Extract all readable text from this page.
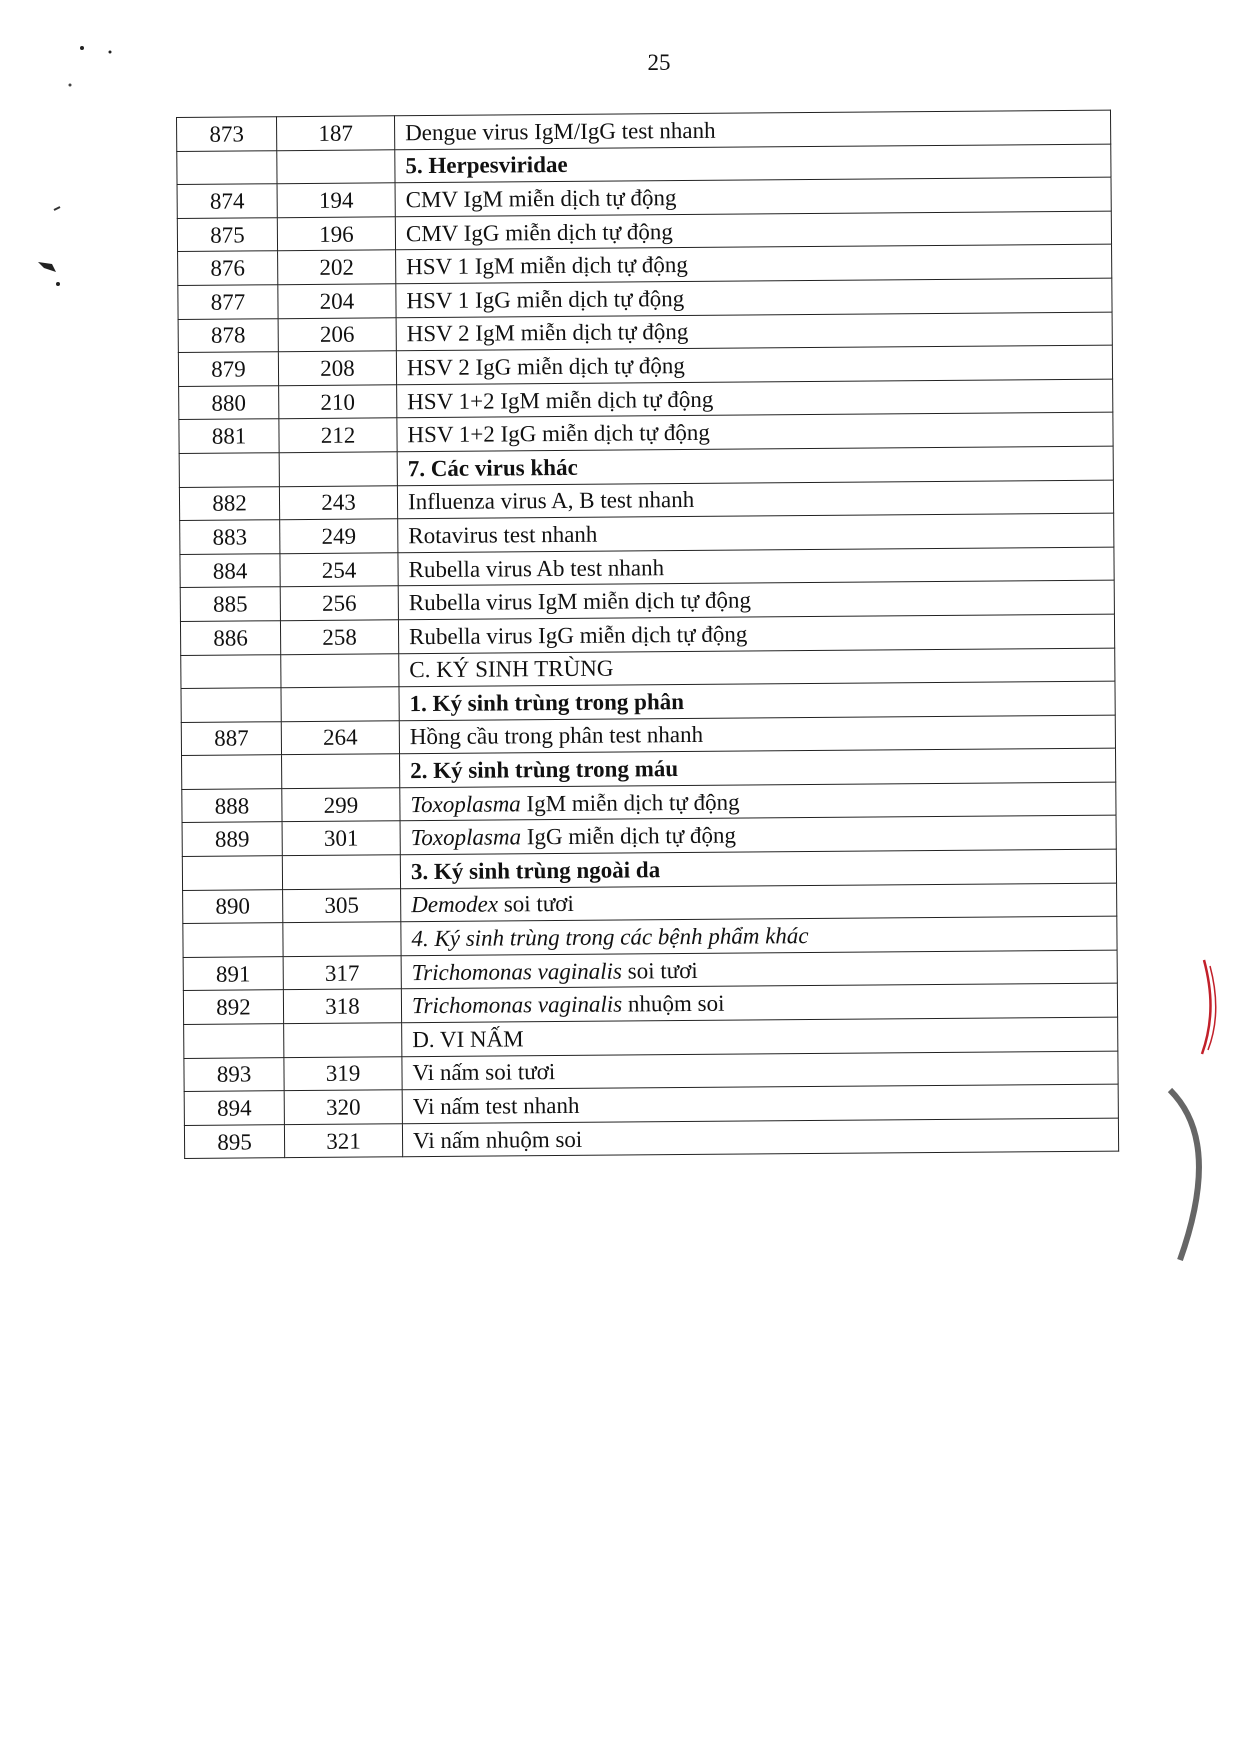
25
873	187	Dengue virus IgM/IgG test nhanh
		5. Herpesviridae
874	194	CMV IgM miễn dịch tự động
875	196	CMV IgG miễn dịch tự động
876	202	HSV 1 IgM miễn dịch tự động
877	204	HSV 1 IgG miễn dịch tự động
878	206	HSV 2 IgM miễn dịch tự động
879	208	HSV 2 IgG miễn dịch tự động
880	210	HSV 1+2 IgM miễn dịch tự động
881	212	HSV 1+2 IgG miễn dịch tự động
		7. Các virus khác
882	243	Influenza virus A, B test nhanh
883	249	Rotavirus test nhanh
884	254	Rubella virus Ab test nhanh
885	256	Rubella virus IgM miễn dịch tự động
886	258	Rubella virus IgG miễn dịch tự động
		C. KÝ SINH TRÙNG
		1. Ký sinh trùng trong phân
887	264	Hồng cầu trong phân test nhanh
		2. Ký sinh trùng trong máu
888	299	Toxoplasma IgM miễn dịch tự động
889	301	Toxoplasma IgG miễn dịch tự động
		3. Ký sinh trùng ngoài da
890	305	Demodex soi tươi
		4. Ký sinh trùng trong các bệnh phẩm khác
891	317	Trichomonas vaginalis soi tươi
892	318	Trichomonas vaginalis nhuộm soi
		D. VI NẤM
893	319	Vi nấm soi tươi
894	320	Vi nấm test nhanh
895	321	Vi nấm nhuộm soi
